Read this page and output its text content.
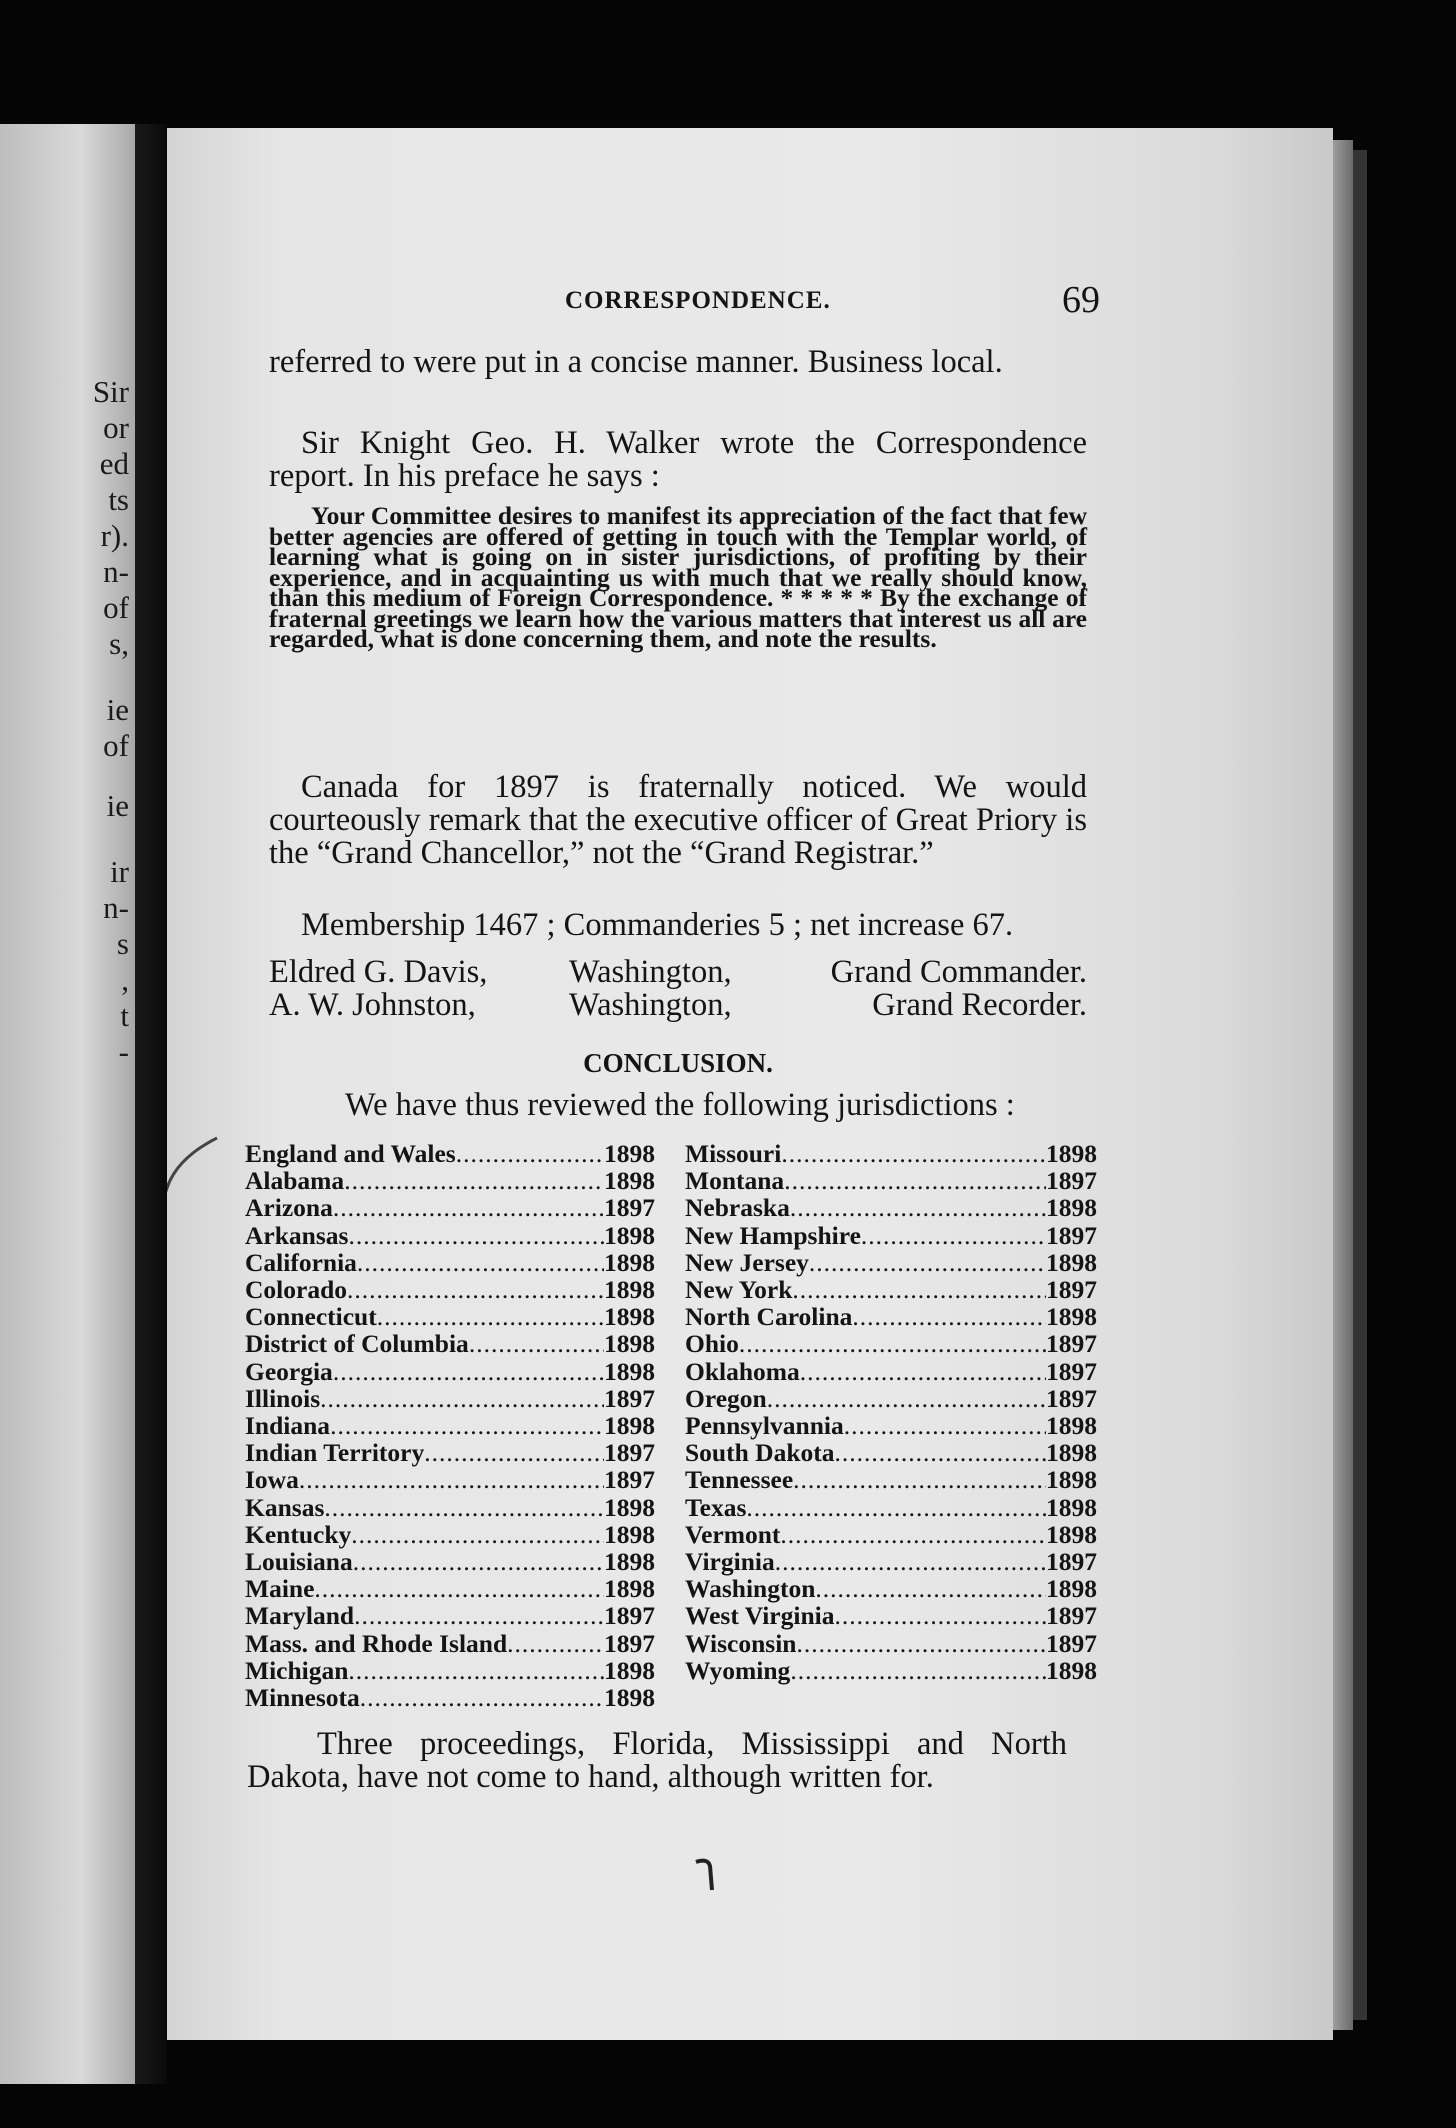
Sir
or
ed
ts
r).
n-
of
s,
ie
of
ie
ir
n-
s
,
t
-
CORRESPONDENCE.	69

referred to were put in a concise manner. Business local.

Sir Knight Geo. H. Walker wrote the Correspondence report. In his preface he says :

Your Committee desires to manifest its appreciation of the fact that few better agencies are offered of getting in touch with the Templar world, of learning what is going on in sister jurisdictions, of profiting by their experience, and in acquainting us with much that we really should know, than this medium of Foreign Correspondence. * * * * * By the exchange of fraternal greetings we learn how the various matters that interest us all are regarded, what is done concerning them, and note the results.

Canada for 1897 is fraternally noticed. We would courteously remark that the executive officer of Great Priory is the “Grand Chancellor,” not the “Grand Registrar.”

Membership 1467 ; Commanderies 5 ; net increase 67.

Eldred G. Davis,	Washington,	Grand Commander.
A. W. Johnston,	Washington,	Grand Recorder.
CONCLUSION.

We have thus reviewed the following jurisdictions :

England and Wales .....	1898
Alabama .....	1898
Arizona .....	1897
Arkansas .....	1898
California .....	1898
Colorado .....	1898
Connecticut .....	1898
District of Columbia .....	1898
Georgia .....	1898
Illinois .....	1897
Indiana .....	1898
Indian Territory .....	1897
Iowa .....	1897
Kansas .....	1898
Kentucky .....	1898
Louisiana .....	1898
Maine .....	1898
Maryland .....	1897
Mass. and Rhode Island .....	1897
Michigan .....	1898
Minnesota .....	1898
Missouri .....	1898
Montana .....	1897
Nebraska .....	1898
New Hampshire .....	1897
New Jersey .....	1898
New York .....	1897
North Carolina .....	1898
Ohio .....	1897
Oklahoma .....	1897
Oregon .....	1897
Pennsylvannia .....	1898
South Dakota .....	1898
Tennessee .....	1898
Texas .....	1898
Vermont .....	1898
Virginia .....	1897
Washington .....	1898
West Virginia .....	1897
Wisconsin .....	1897
Wyoming .....	1898

Three proceedings, Florida, Mississippi and North Dakota, have not come to hand, although written for.
